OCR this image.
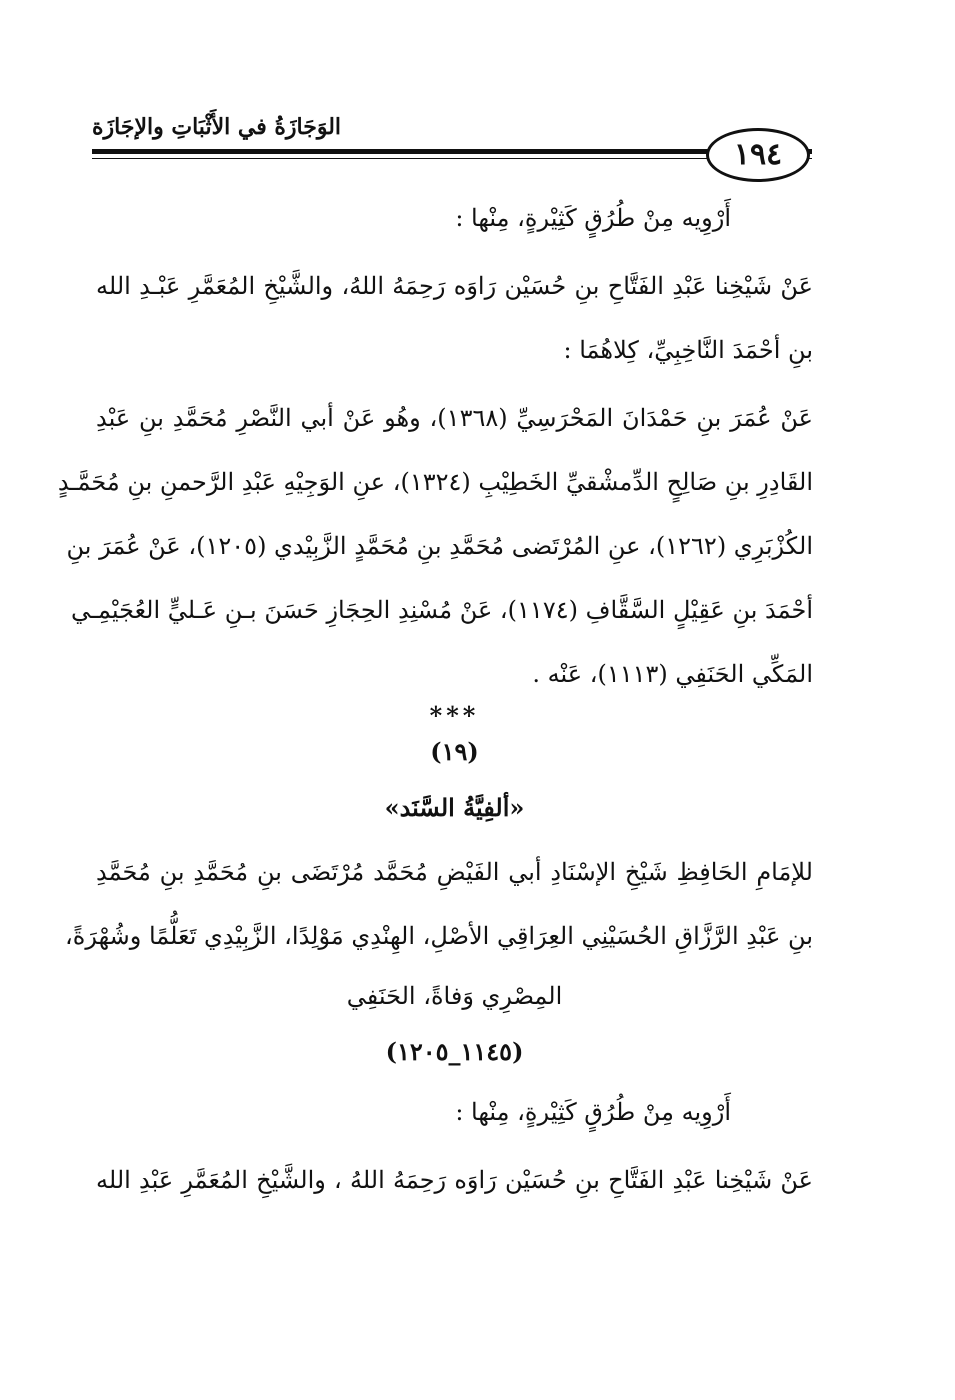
الوَجَازَةُ في الأَثْبَاتِ والإجَازَة
١٩٤
أَرْوِيه مِنْ طُرُقٍ كَثِيْرةٍ، مِنْها :
عَنْ شَيْخِنا عَبْدِ الفَتَّاحِ بنِ حُسَيْن رَاوَه رَحِمَهُ اللهُ، والشَّيْخِ المُعَمَّرِ عَبْـدِ الله
بنِ أحْمَدَ النَّاخِبِيِّ، كِلاهُمَا :
عَنْ عُمَرَ بنِ حَمْدَانَ المَحْرَسِيِّ (١٣٦٨)، وهُو عَنْ أبي النَّصْرِ مُحَمَّدِ بنِ عَبْدِ
القَادِرِ بنِ صَالِحٍ الدِّمشْقيِّ الخَطِيْبِ (١٣٢٤)، عنِ الوَجِيْهِ عَبْدِ الرَّحمنِ بنِ مُحَمَّـدٍ
الكُزْبَرِي (١٢٦٢)، عنِ المُرْتَضى مُحَمَّدِ بنِ مُحَمَّدٍ الزَّبِيْدي (١٢٠٥)، عَنْ عُمَرَ بنِ
أحْمَدَ بنِ عَقِيْلٍ السَّقَّافِ (١١٧٤)، عَنْ مُسْنِدِ الحِجَازِ حَسَنَ بـنِ عَـليٍّ العُجَيْمِـي
المَكِّي الحَنَفِي (١١١٣)، عَنْه .
***
(١٩)
«ألفِيَّةُ السَّنَد»
للإمَامِ الحَافِظِ شَيْخِ الإسْنَادِ أبي الفَيْضِ مُحَمَّد مُرْتَضَى بنِ مُحَمَّدِ بنِ مُحَمَّدِ
بنِ عَبْدِ الرَّزَّاقِ الحُسَيْنِي العِرَاقِي الأصْلِ، الهِنْدِي مَوْلِدًا، الزَّبِيْدِي تَعَلُّمًا وشُهْرَةً،
المِصْرِي وَفاةً، الحَنَفِي
(١١٤٥_١٢٠٥)
أَرْوِيه مِنْ طُرُقٍ كَثِيْرةٍ، مِنْها :
عَنْ شَيْخِنا عَبْدِ الفَتَّاحِ بنِ حُسَيْن رَاوَه رَحِمَهُ اللهُ ، والشَّيْخِ المُعَمَّرِ عَبْدِ الله
